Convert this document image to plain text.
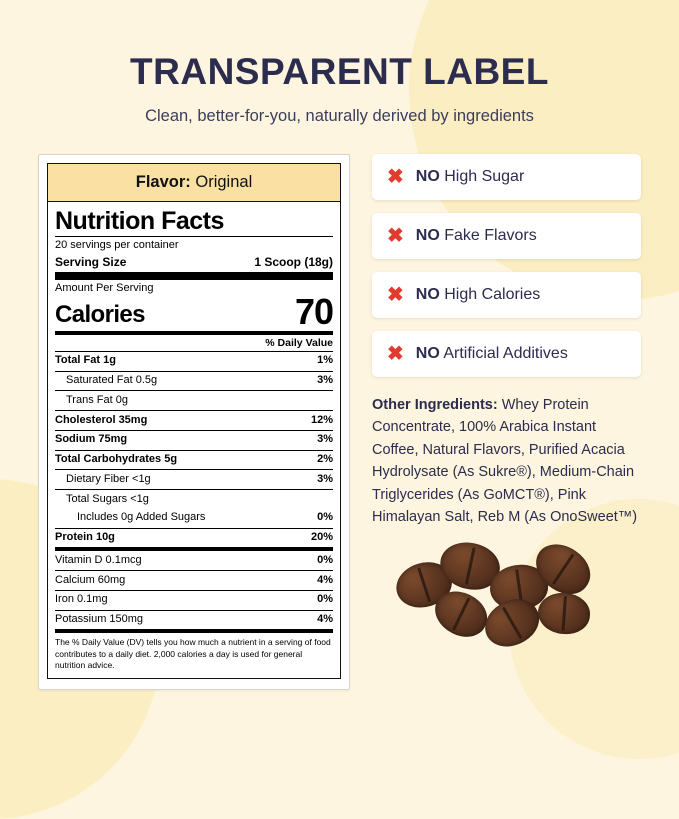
TRANSPARENT LABEL

Clean, better-for-you, naturally derived by ingredients

Flavor: Original
Nutrition Facts
20 servings per container
Serving Size	1 Scoop (18g)
Amount Per Serving
Calories	70
% Daily Value
Total Fat 1g	1%
Saturated Fat 0.5g	3%
Trans Fat 0g
Cholesterol 35mg	12%
Sodium 75mg	3%
Total Carbohydrates 5g	2%
Dietary Fiber <1g	3%
Total Sugars <1g
Includes 0g Added Sugars	0%
Protein 10g	20%
Vitamin D 0.1mcg	0%
Calcium 60mg	4%
Iron 0.1mg	0%
Potassium 150mg	4%
The % Daily Value (DV) tells you how much a nutrient in a serving of food contributes to a daily diet. 2,000 calories a day is used for general nutrition advice.
✖ NO High Sugar
✖ NO Fake Flavors
✖ NO High Calories
✖ NO Artificial Additives
Other Ingredients: Whey Protein Concentrate, 100% Arabica Instant Coffee, Natural Flavors, Purified Acacia Hydrolysate (As Sukre®), Medium-Chain Triglycerides (As GoMCT®), Pink Himalayan Salt, Reb M (As OnoSweet™)
